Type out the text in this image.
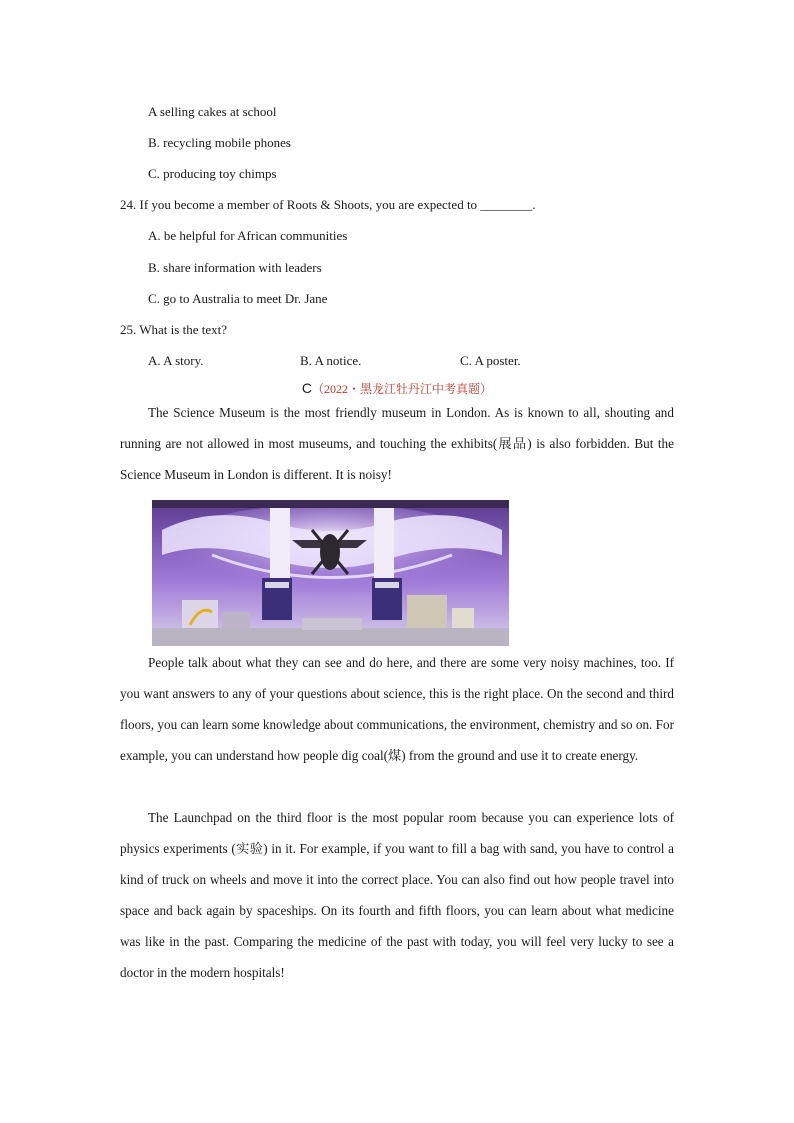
A selling cakes at school
B. recycling mobile phones
C. producing toy chimps
24. If you become a member of Roots & Shoots, you are expected to ________.
A. be helpful for African communities
B. share information with leaders
C. go to Australia to meet Dr. Jane
25. What is the text?
A. A story.	B. A notice.	C. A poster.
C（2022・黑龙江牡丹江中考真题）

The Science Museum is the most friendly museum in London. As is known to all, shouting and running are not allowed in most museums, and touching the exhibits(展品) is also forbidden. But the Science Museum in London is different. It is noisy!

People talk about what they can see and do here, and there are some very noisy machines, too. If you want answers to any of your questions about science, this is the right place. On the second and third floors, you can learn some knowledge about communications, the environment, chemistry and so on. For example, you can understand how people dig coal(煤) from the ground and use it to create energy.

The Launchpad on the third floor is the most popular room because you can experience lots of physics experiments (实验) in it. For example, if you want to fill a bag with sand, you have to control a kind of truck on wheels and move it into the correct place. You can also find out how people travel into space and back again by spaceships. On its fourth and fifth floors, you can learn about what medicine was like in the past. Comparing the medicine of the past with today, you will feel very lucky to see a doctor in the modern hospitals!
